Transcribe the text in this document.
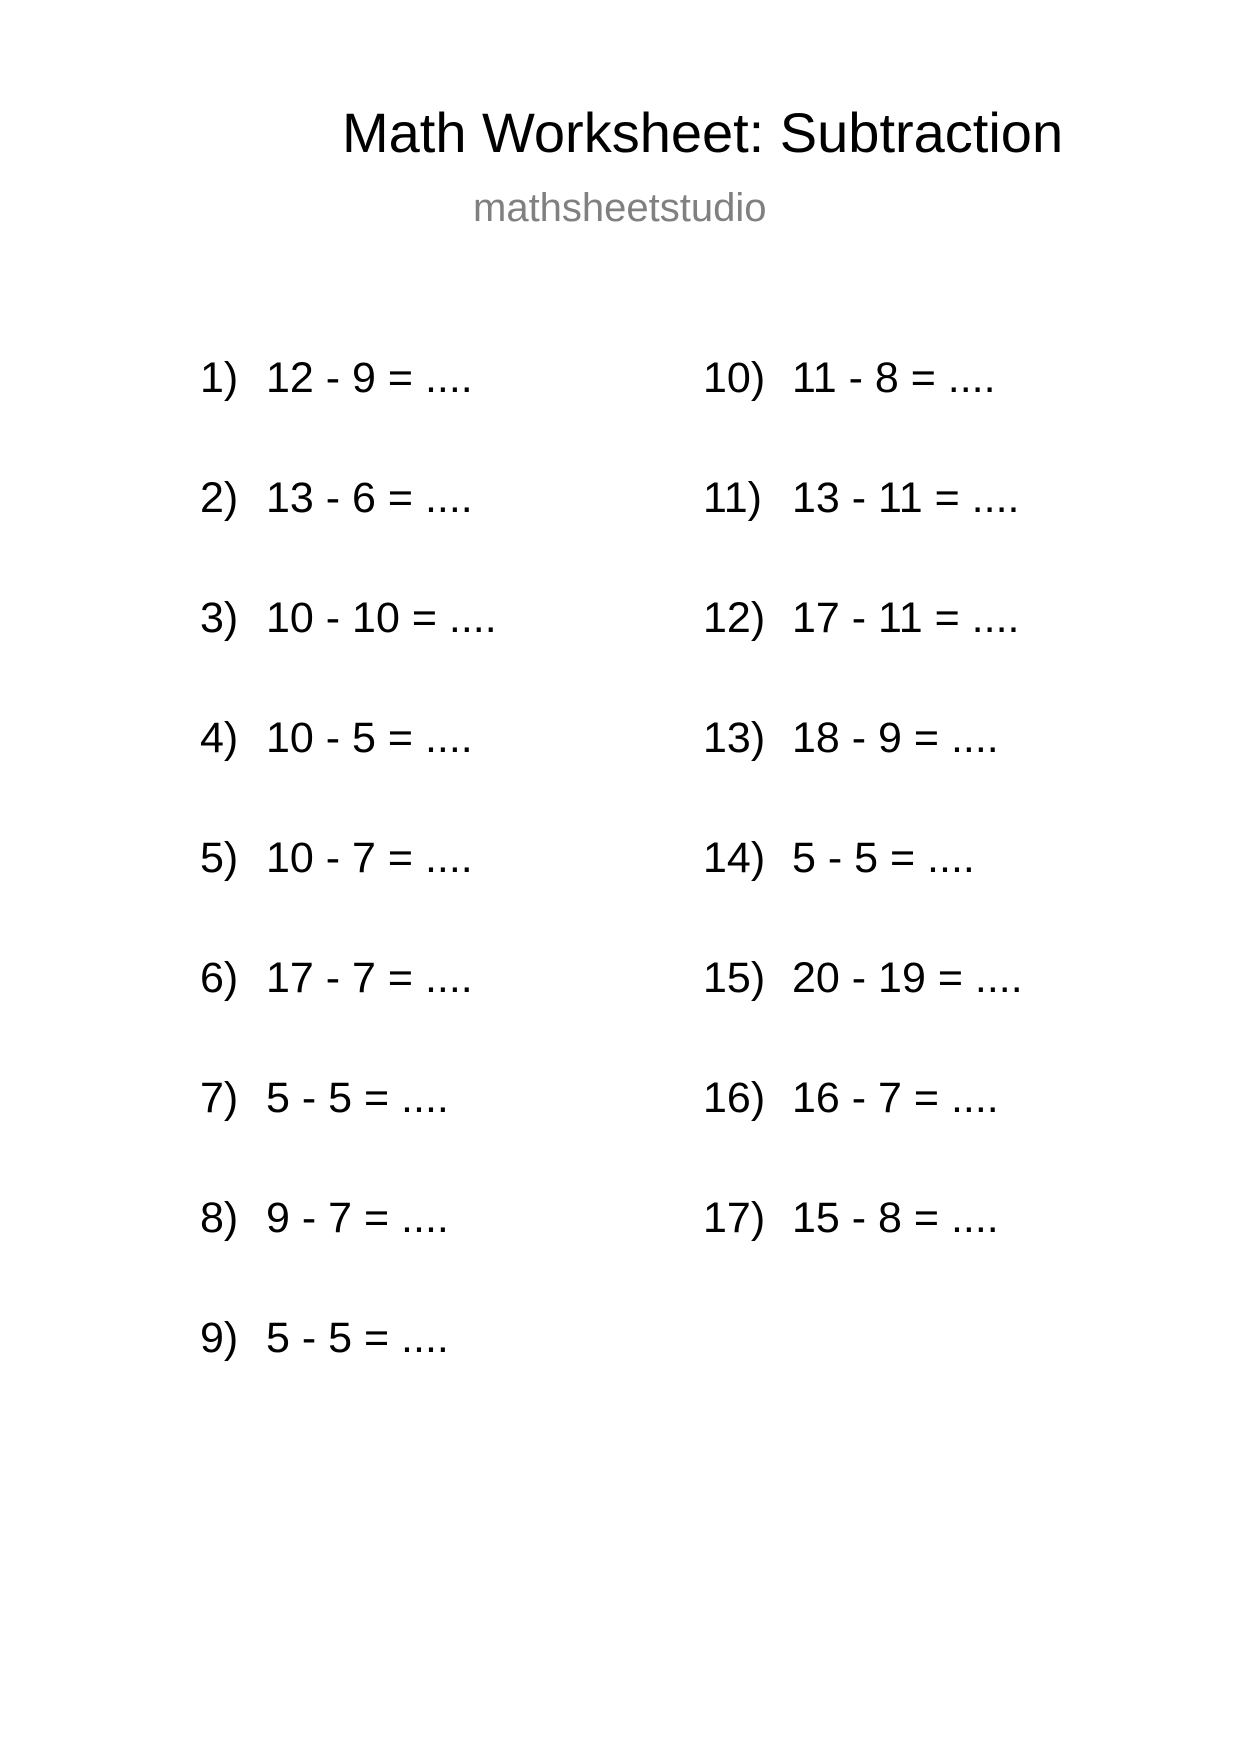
Math Worksheet: Subtraction
mathsheetstudio
1) 12 - 9 = ....
2) 13 - 6 = ....
3) 10 - 10 = ....
4) 10 - 5 = ....
5) 10 - 7 = ....
6) 17 - 7 = ....
7) 5 - 5 = ....
8) 9 - 7 = ....
9) 5 - 5 = ....
10) 11 - 8 = ....
11) 13 - 11 = ....
12) 17 - 11 = ....
13) 18 - 9 = ....
14) 5 - 5 = ....
15) 20 - 19 = ....
16) 16 - 7 = ....
17) 15 - 8 = ....
